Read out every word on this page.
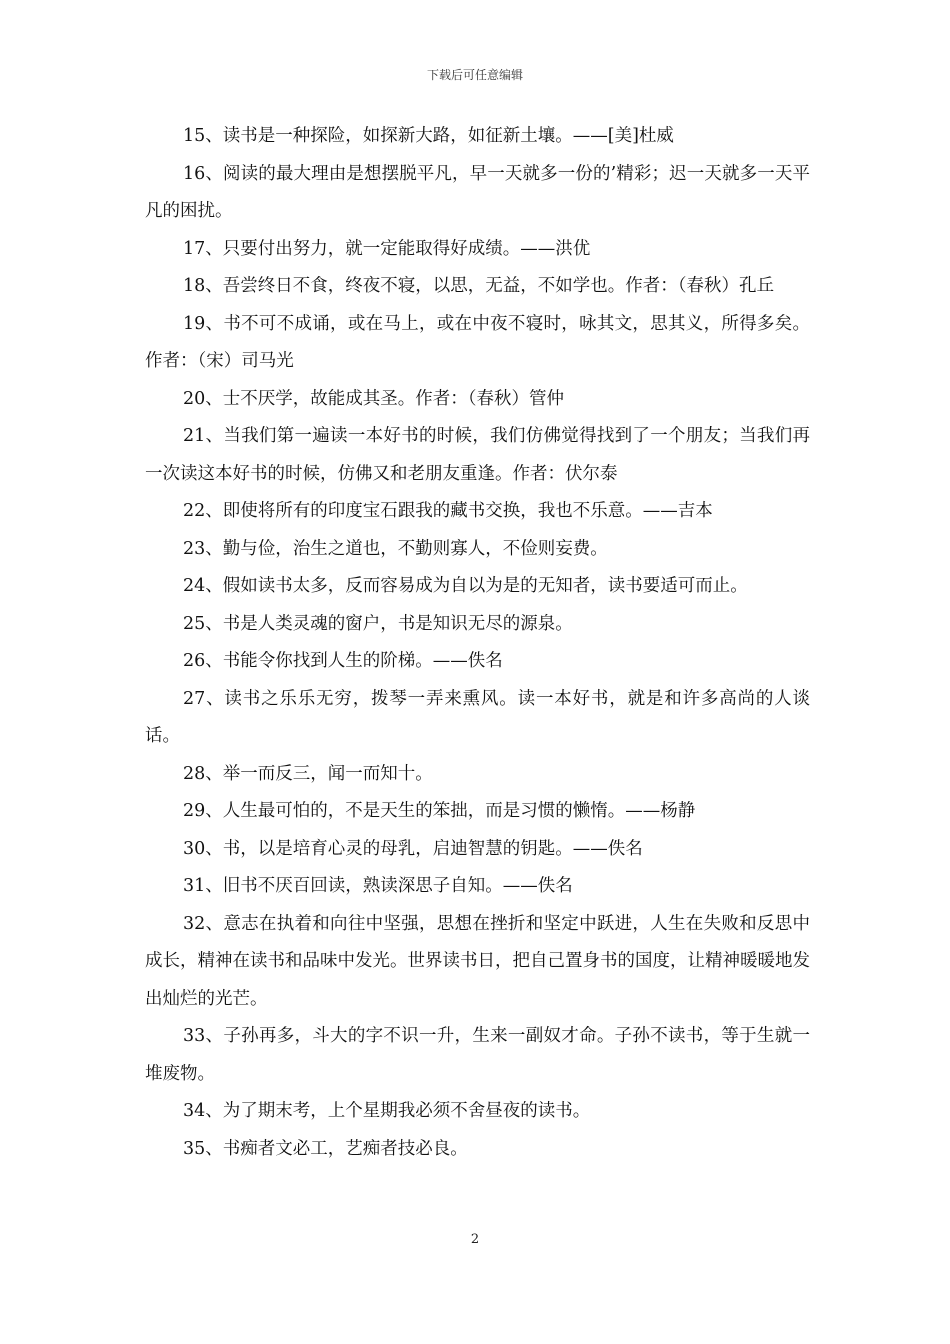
下载后可任意编辑

15、读书是一种探险，如探新大路，如征新土壤。——[美]杜威

16、阅读的最大理由是想摆脱平凡，早一天就多一份的’精彩；迟一天就多一天平凡的困扰。

17、只要付出努力，就一定能取得好成绩。——洪优

18、吾尝终日不食，终夜不寝，以思，无益，不如学也。作者：（春秋）孔丘

19、书不可不成诵，或在马上，或在中夜不寝时，咏其文，思其义，所得多矣。作者：（宋）司马光

20、士不厌学，故能成其圣。作者：（春秋）管仲

21、当我们第一遍读一本好书的时候，我们仿佛觉得找到了一个朋友；当我们再一次读这本好书的时候，仿佛又和老朋友重逢。作者：伏尔泰

22、即使将所有的印度宝石跟我的藏书交换，我也不乐意。——吉本

23、勤与俭，治生之道也，不勤则寡人，不俭则妄费。

24、假如读书太多，反而容易成为自以为是的无知者，读书要适可而止。

25、书是人类灵魂的窗户，书是知识无尽的源泉。

26、书能令你找到人生的阶梯。——佚名

27、读书之乐乐无穷，拨琴一弄来熏风。读一本好书，就是和许多高尚的人谈话。

28、举一而反三，闻一而知十。

29、人生最可怕的，不是天生的笨拙，而是习惯的懒惰。——杨静

30、书，以是培育心灵的母乳，启迪智慧的钥匙。——佚名

31、旧书不厌百回读，熟读深思子自知。——佚名

32、意志在执着和向往中坚强，思想在挫折和坚定中跃进，人生在失败和反思中成长，精神在读书和品味中发光。世界读书日，把自己置身书的国度，让精神暖暖地发出灿烂的光芒。

33、子孙再多，斗大的字不识一升，生来一副奴才命。子孙不读书，等于生就一堆废物。

34、为了期末考，上个星期我必须不舍昼夜的读书。

35、书痴者文必工，艺痴者技必良。

2
